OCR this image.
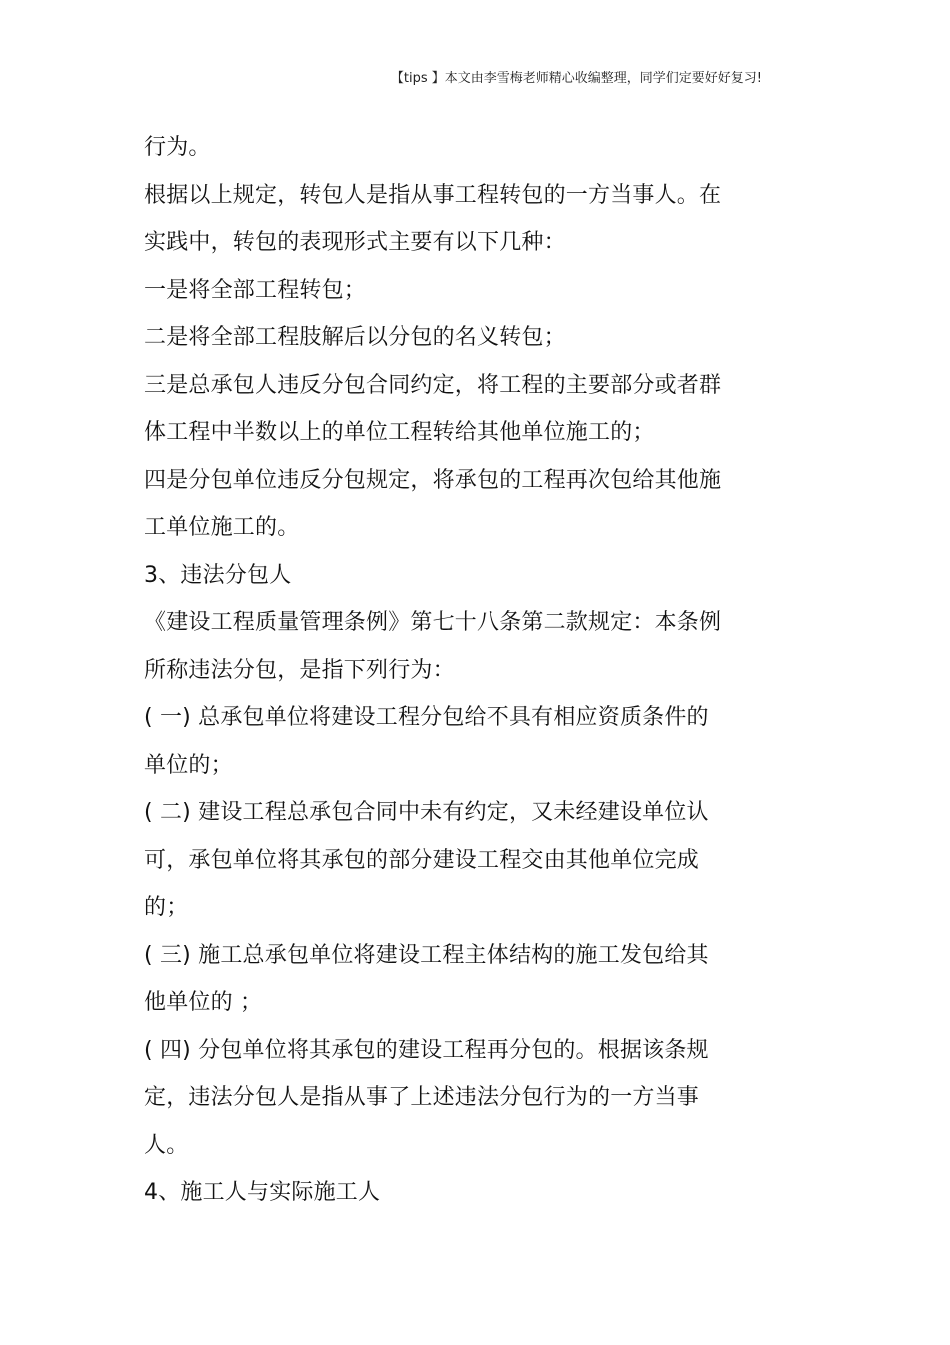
【tips 】本文由李雪梅老师精心收编整理，同学们定要好好复习!
行为。
根据以上规定，转包人是指从事工程转包的一方当事人。在
实践中，转包的表现形式主要有以下几种：
一是将全部工程转包；
二是将全部工程肢解后以分包的名义转包；
三是总承包人违反分包合同约定，将工程的主要部分或者群
体工程中半数以上的单位工程转给其他单位施工的；
四是分包单位违反分包规定，将承包的工程再次包给其他施
工单位施工的。
3、违法分包人
《建设工程质量管理条例》第七十八条第二款规定：本条例
所称违法分包，是指下列行为：
( 一) 总承包单位将建设工程分包给不具有相应资质条件的
单位的；
( 二) 建设工程总承包合同中未有约定，又未经建设单位认
可，承包单位将其承包的部分建设工程交由其他单位完成
的；
( 三) 施工总承包单位将建设工程主体结构的施工发包给其
他单位的 ；
( 四) 分包单位将其承包的建设工程再分包的。根据该条规
定，违法分包人是指从事了上述违法分包行为的一方当事
人。
4、施工人与实际施工人
